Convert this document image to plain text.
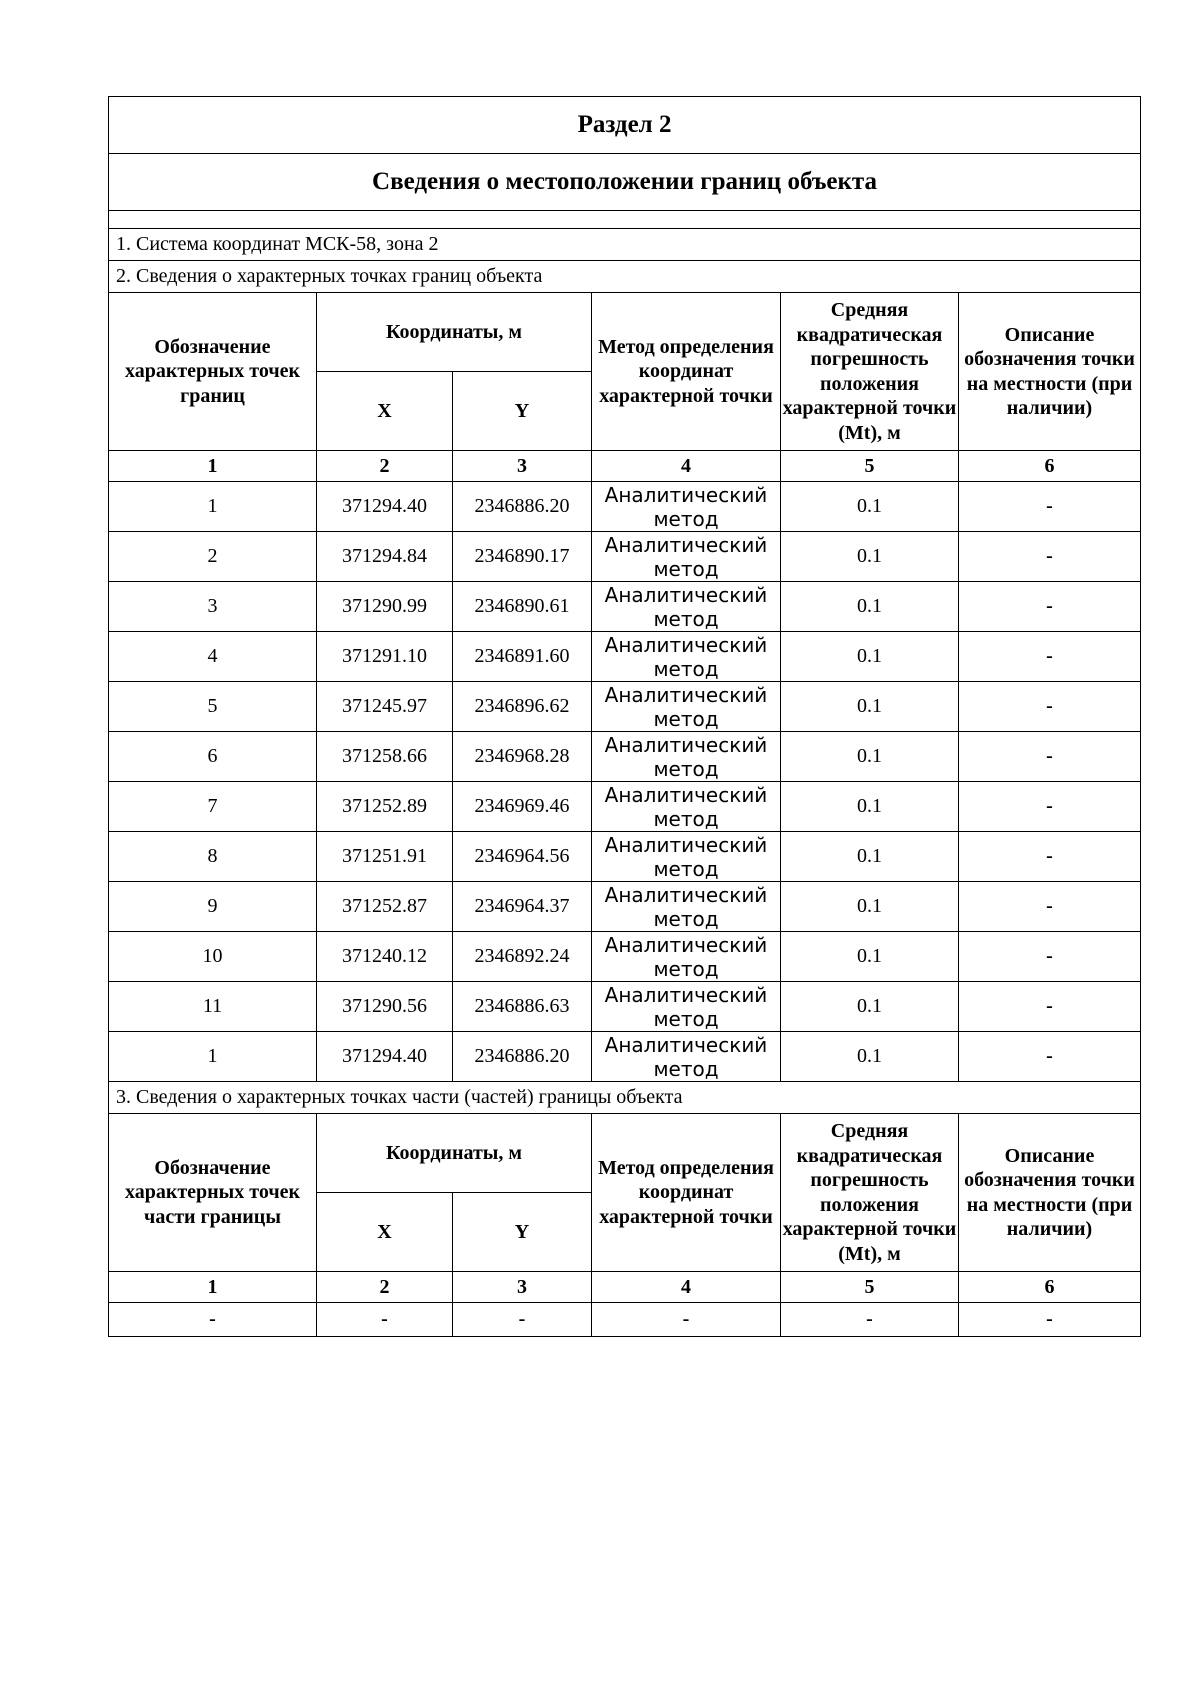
Раздел 2					
Сведения о местоположении границ объекта					

1. Система координат МСК-58, зона 2					
2. Сведения о характерных точках границ объекта					
Обозначение характерных точек границ	Координаты, м		Метод определения координат характерной точки	Средняя квадратическая погрешность положения характерной точки (Mt), м	Описание обозначения точки на местности (при наличии)
	X	Y			
1	2	3	4	5	6
1	371294.40	2346886.20	Аналитический метод	0.1	-
2	371294.84	2346890.17	Аналитический метод	0.1	-
3	371290.99	2346890.61	Аналитический метод	0.1	-
4	371291.10	2346891.60	Аналитический метод	0.1	-
5	371245.97	2346896.62	Аналитический метод	0.1	-
6	371258.66	2346968.28	Аналитический метод	0.1	-
7	371252.89	2346969.46	Аналитический метод	0.1	-
8	371251.91	2346964.56	Аналитический метод	0.1	-
9	371252.87	2346964.37	Аналитический метод	0.1	-
10	371240.12	2346892.24	Аналитический метод	0.1	-
11	371290.56	2346886.63	Аналитический метод	0.1	-
1	371294.40	2346886.20	Аналитический метод	0.1	-
3. Сведения о характерных точках части (частей) границы объекта					
Обозначение характерных точек части границы	Координаты, м		Метод определения координат характерной точки	Средняя квадратическая погрешность положения характерной точки (Mt), м	Описание обозначения точки на местности (при наличии)
	X	Y			
1	2	3	4	5	6
-	-	-	-	-	-
